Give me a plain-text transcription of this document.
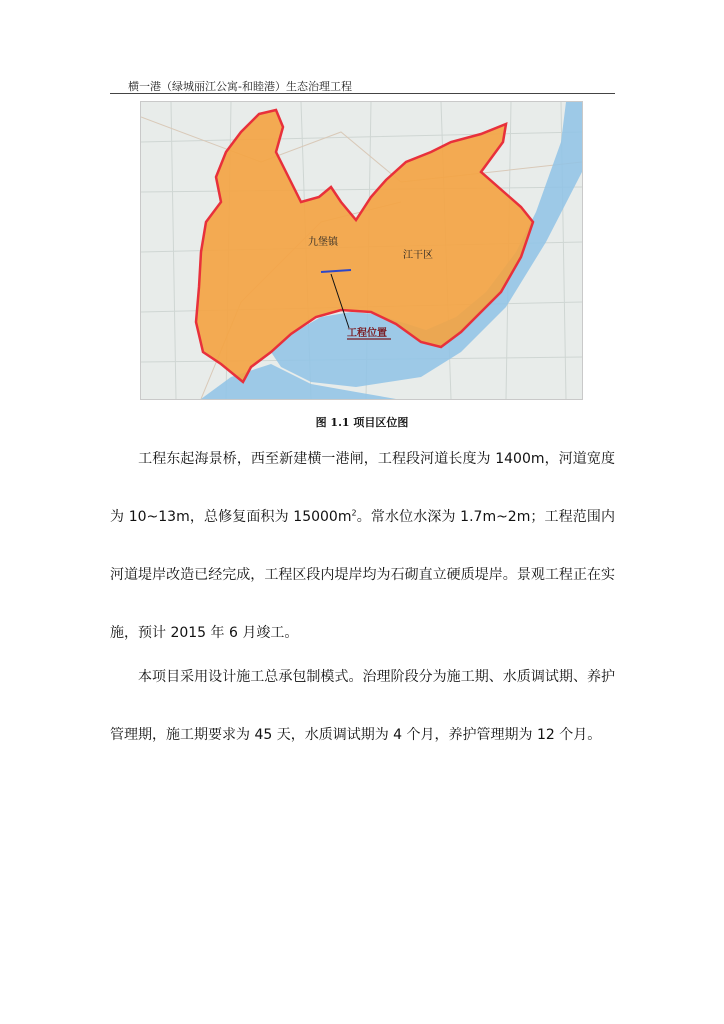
横一港（绿城丽江公寓-和睦港）生态治理工程
九堡镇
江干区
工程位置
图 1.1 项目区位图

工程东起海景桥，西至新建横一港闸，工程段河道长度为 1400m，河道宽度为 10~13m，总修复面积为 $15000m^2$。常水位水深为 1.7m~2m；工程范围内河道堤岸改造已经完成，工程区段内堤岸均为石砌直立硬质堤岸。景观工程正在实施，预计 2015 年 6 月竣工。

本项目采用设计施工总承包制模式。治理阶段分为施工期、水质调试期、养护管理期，施工期要求为 45 天，水质调试期为 4 个月，养护管理期为 12 个月。
